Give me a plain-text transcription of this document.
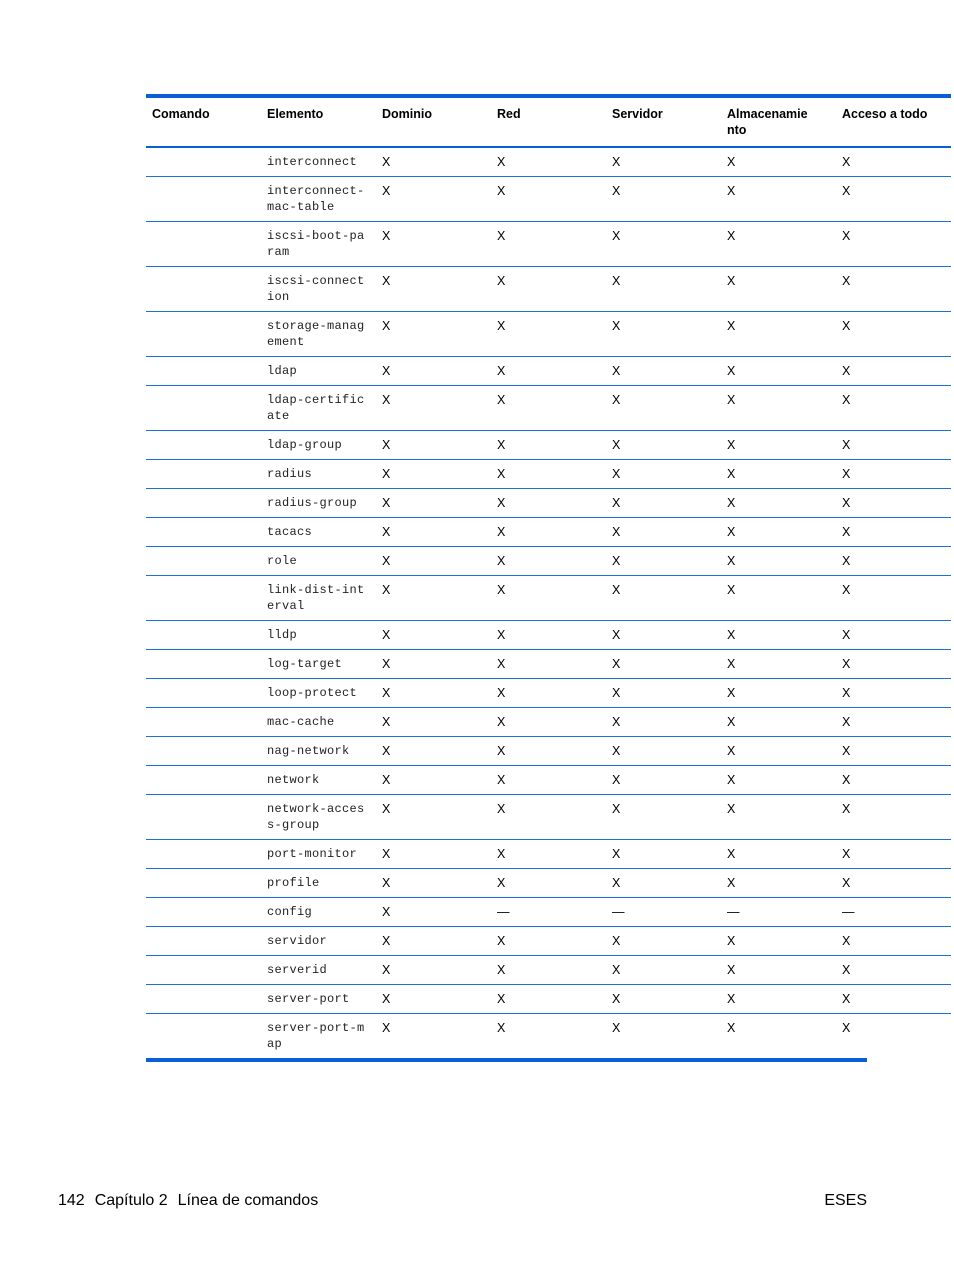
Comando	Elemento	Dominio	Red	Servidor	Almacenamie nto	Acceso a todo
	interconnect	X	X	X	X	X
	interconnect-mac-table	X	X	X	X	X
	iscsi-boot-param	X	X	X	X	X
	iscsi-connection	X	X	X	X	X
	storage-management	X	X	X	X	X
	ldap	X	X	X	X	X
	ldap-certificate	X	X	X	X	X
	ldap-group	X	X	X	X	X
	radius	X	X	X	X	X
	radius-group	X	X	X	X	X
	tacacs	X	X	X	X	X
	role	X	X	X	X	X
	link-dist-interval	X	X	X	X	X
	lldp	X	X	X	X	X
	log-target	X	X	X	X	X
	loop-protect	X	X	X	X	X
	mac-cache	X	X	X	X	X
	nag-network	X	X	X	X	X
	network	X	X	X	X	X
	network-access-group	X	X	X	X	X
	port-monitor	X	X	X	X	X
	profile	X	X	X	X	X
	config	X	—	—	—	—
	servidor	X	X	X	X	X
	serverid	X	X	X	X	X
	server-port	X	X	X	X	X
	server-port-map	X	X	X	X	X
142 Capítulo 2 Línea de comandos	ESES
